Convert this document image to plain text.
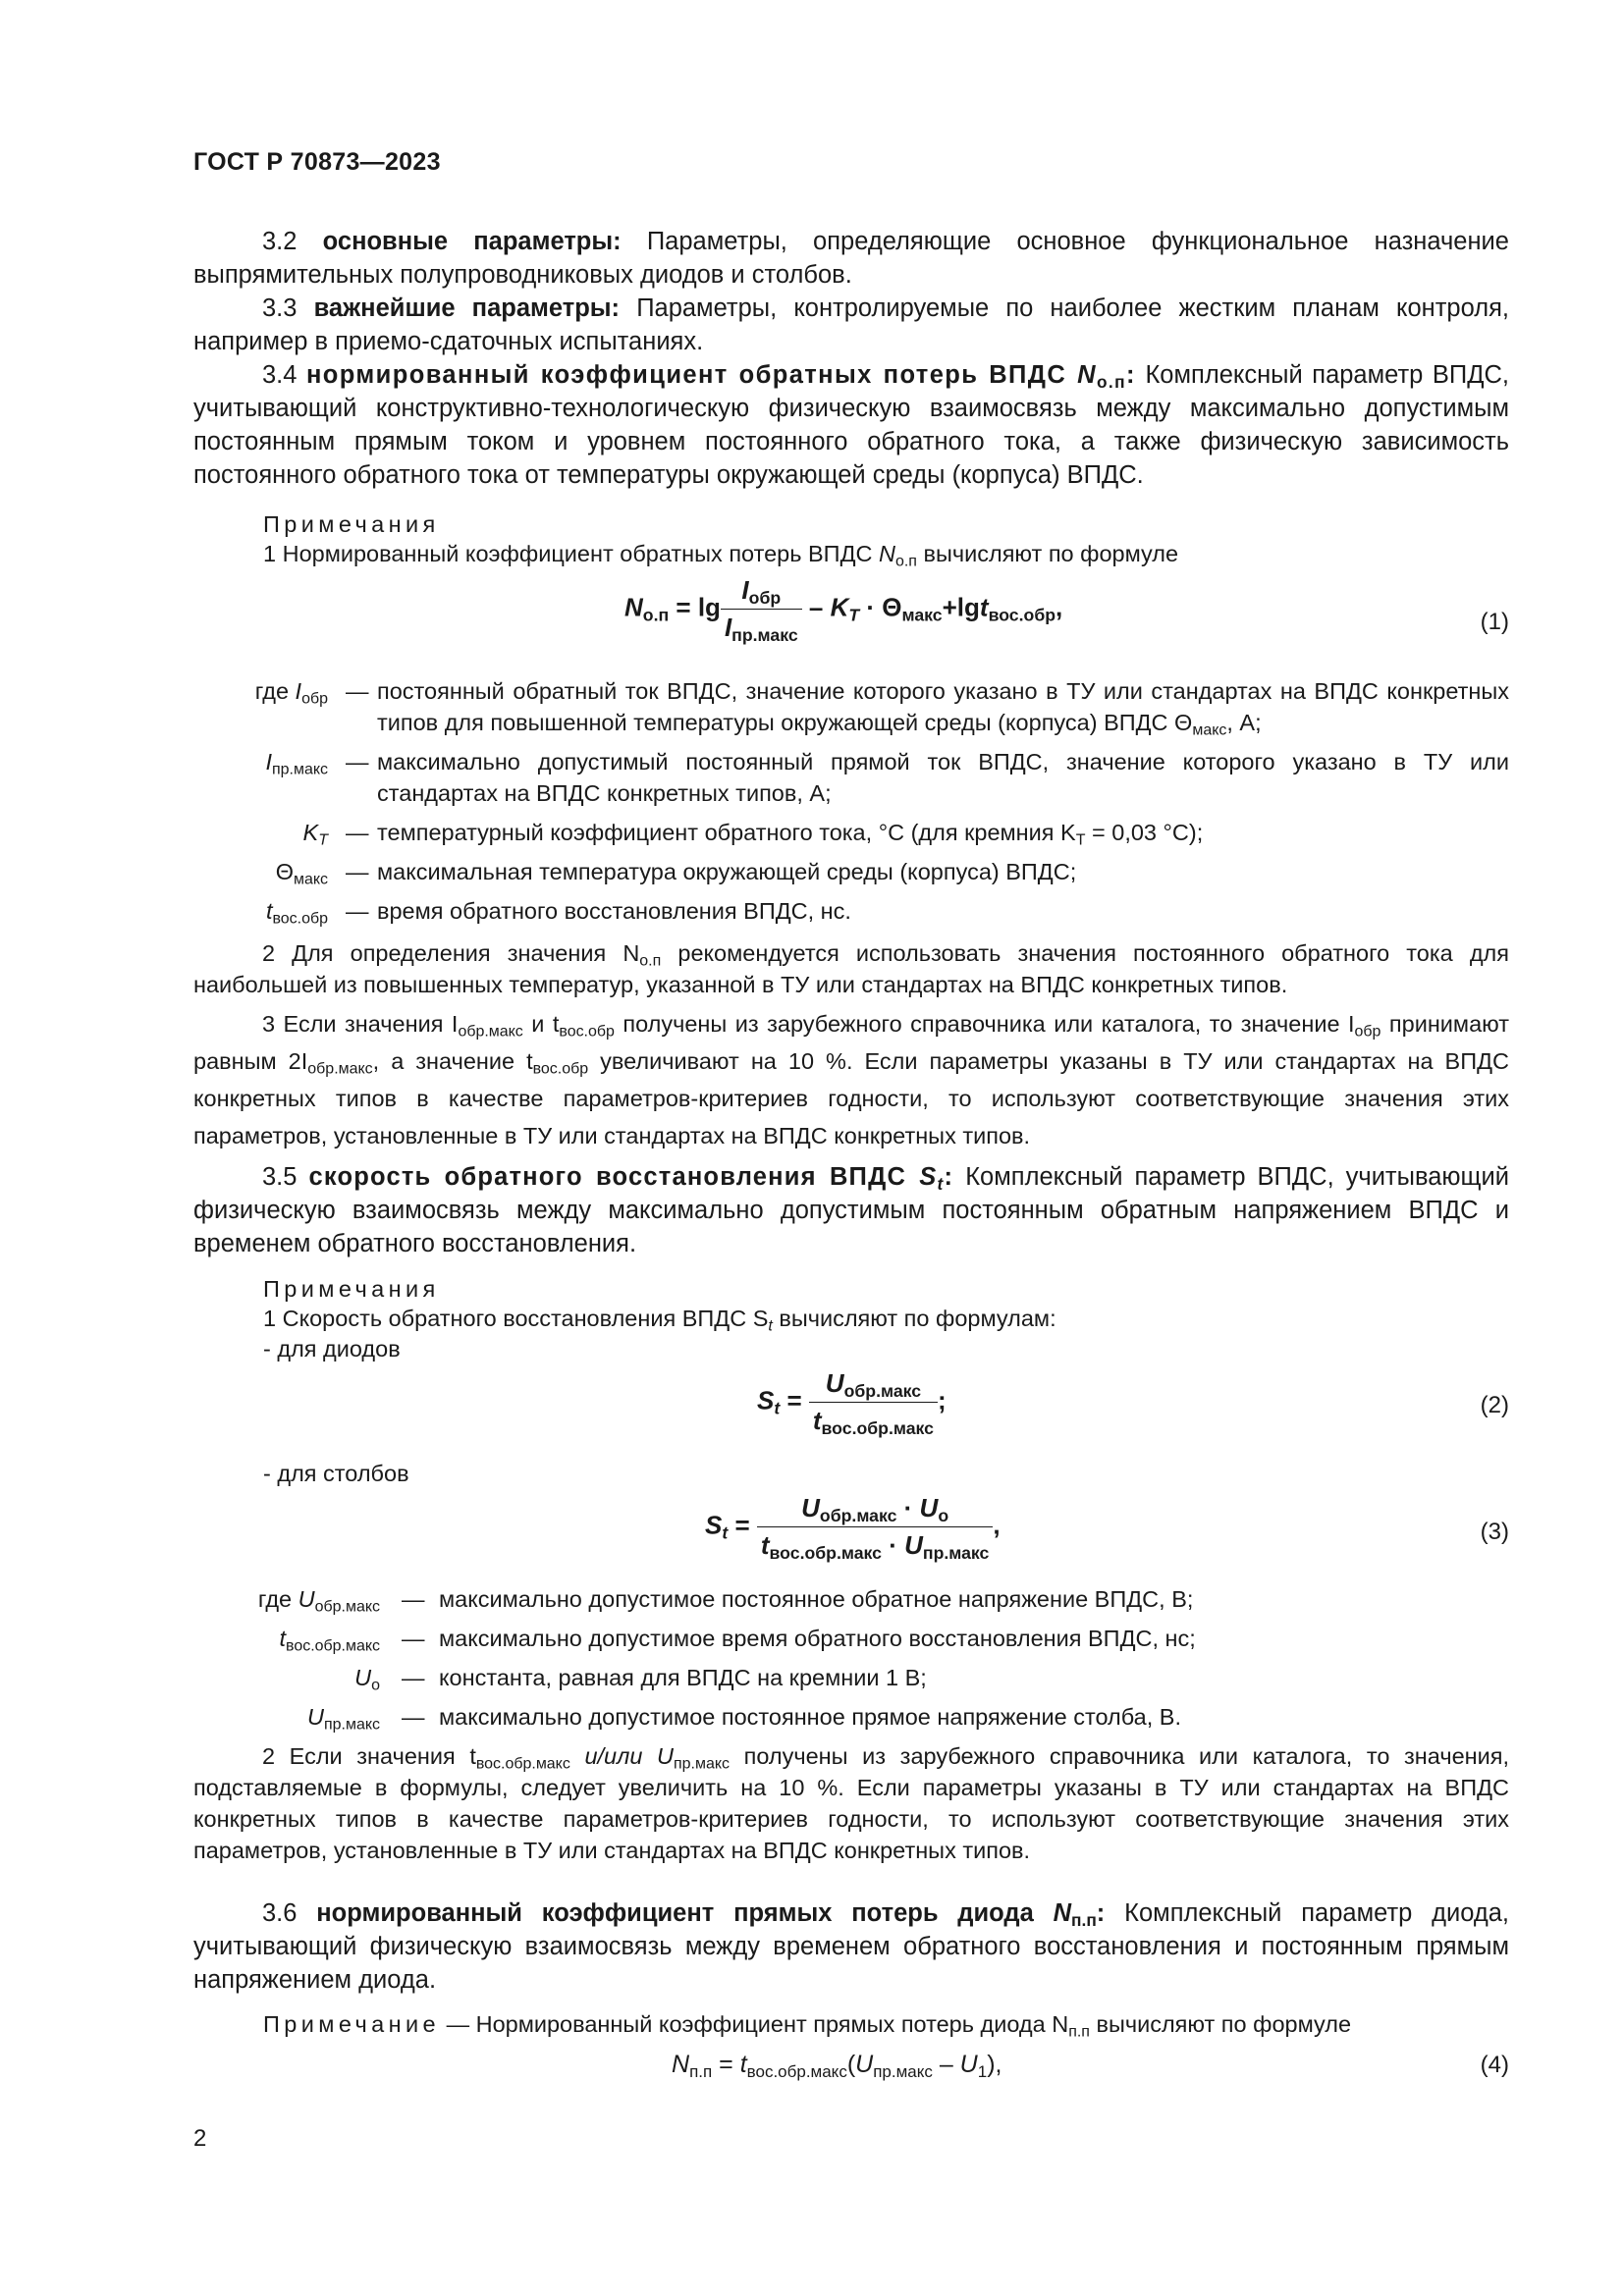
ГОСТ Р 70873—2023
3.2 основные параметры: Параметры, определяющие основное функциональное назначение выпрямительных полупроводниковых диодов и столбов.
3.3 важнейшие параметры: Параметры, контролируемые по наиболее жестким планам контроля, например в приемо-сдаточных испытаниях.
3.4 нормированный коэффициент обратных потерь ВПДС $N_{о.п}$: Комплексный параметр ВПДС, учитывающий конструктивно-технологическую физическую взаимосвязь между максимально допустимым постоянным прямым током и уровнем постоянного обратного тока, а также физическую зависимость постоянного обратного тока от температуры окружающей среды (корпуса) ВПДС.
Примечания
1 Нормированный коэффициент обратных потерь ВПДС $N_{о.п}$ вычисляют по формуле
$N_{о.п} = \lg \frac{I_{обр}}{I_{пр.макс}} - K_T \cdot \Theta_{макс}+\lg t_{вос.обр}$,
(1)
где $I_{обр}$ — постоянный обратный ток ВПДС, значение которого указано в ТУ или стандартах на ВПДС конкретных типов для повышенной температуры окружающей среды (корпуса) ВПДС $\Theta_{макс}$, А;
$I_{пр.макс}$ — максимально допустимый постоянный прямой ток ВПДС, значение которого указано в ТУ или стандартах на ВПДС конкретных типов, А;
$K_T$ — температурный коэффициент обратного тока, °С (для кремния $K_T = 0,03$ °С);
$\Theta_{макс}$ — максимальная температура окружающей среды (корпуса) ВПДС;
$t_{вос.обр}$ — время обратного восстановления ВПДС, нс.
2 Для определения значения $N_{о.п}$ рекомендуется использовать значения постоянного обратного тока для наибольшей из повышенных температур, указанной в ТУ или стандартах на ВПДС конкретных типов.
3 Если значения $I_{обр.макс}$ и $t_{вос.обр}$ получены из зарубежного справочника или каталога, то значение $I_{обр}$ принимают равным $2I_{обр.макс}$, а значение $t_{вос.обр}$ увеличивают на 10 %. Если параметры указаны в ТУ или стандартах на ВПДС конкретных типов в качестве параметров-критериев годности, то используют соответствующие значения этих параметров, установленные в ТУ или стандартах на ВПДС конкретных типов.
3.5 скорость обратного восстановления ВПДС $S_t$: Комплексный параметр ВПДС, учитывающий физическую взаимосвязь между максимально допустимым постоянным обратным напряжением ВПДС и временем обратного восстановления.
Примечания
1 Скорость обратного восстановления ВПДС $S_t$ вычисляют по формулам:
- для диодов
$S_t = \frac{U_{обр.макс}}{t_{вос.обр.макс}}$ ;	(2)
- для столбов
$S_t = \frac{U_{обр.макс} \cdot U_о}{t_{вос.обр.макс} \cdot U_{пр.макс}}$ ,	(3)
где $U_{обр.макс}$ — максимально допустимое постоянное обратное напряжение ВПДС, В;
$t_{вос.обр.макс}$ — максимально допустимое время обратного восстановления ВПДС, нс;
$U_о$ — константа, равная для ВПДС на кремнии 1 В;
$U_{пр.макс}$ — максимально допустимое постоянное прямое напряжение столба, В.
2 Если значения $t_{вос.обр.макс}$ и/или $U_{пр.макс}$ получены из зарубежного справочника или каталога, то значения, подставляемые в формулы, следует увеличить на 10 %. Если параметры указаны в ТУ или стандартах на ВПДС конкретных типов в качестве параметров-критериев годности, то используют соответствующие значения этих параметров, установленные в ТУ или стандартах на ВПДС конкретных типов.
3.6 нормированный коэффициент прямых потерь диода $N_{п.п}$: Комплексный параметр диода, учитывающий физическую взаимосвязь между временем обратного восстановления и постоянным прямым напряжением диода.
Примечание — Нормированный коэффициент прямых потерь диода $N_{п.п}$ вычисляют по формуле
$N_{п.п} = t_{вос.обр.макс}(U_{пр.макс} - U_1)$,	(4)
2
